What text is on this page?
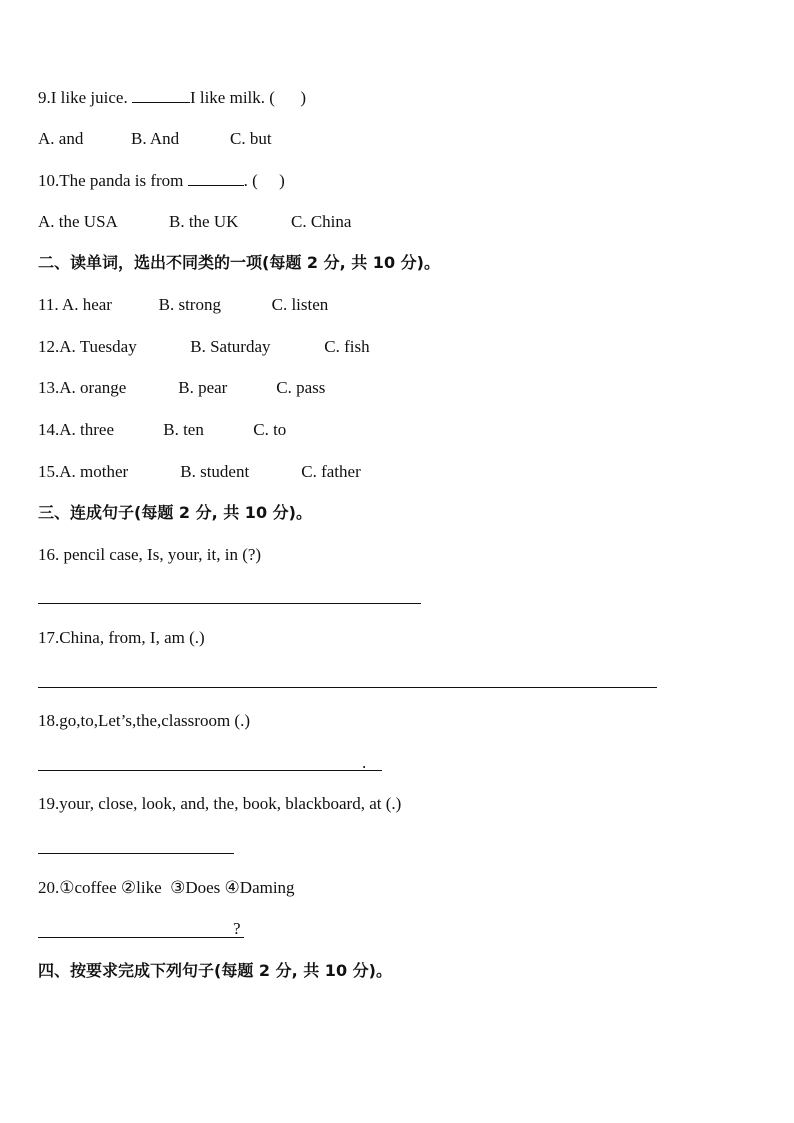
9.I like juice.	I like milk. (      )
A. and	B. And	C. but
10.The panda is from	. (     )
A. the USA	B. the UK	C. China
二、读单词，选出不同类的一项(每题 2 分, 共 10 分)。
11. A. hear	B. strong	C. listen
12.A. Tuesday	B. Saturday	C. fish
13.A. orange	B. pear	C. pass
14.A. three	B. ten	C. to
15.A. mother	B. student	C. father
三、连成句子(每题 2 分, 共 10 分)。
16. pencil case, Is, your, it, in (?)
17.China, from, I, am (.)
18.go,to,Let’s,the,classroom (.)
.
19.your, close, look, and, the, book, blackboard, at (.)
20.①coffee ②like  ③Does ④Daming
?
四、按要求完成下列句子(每题 2 分, 共 10 分)。
